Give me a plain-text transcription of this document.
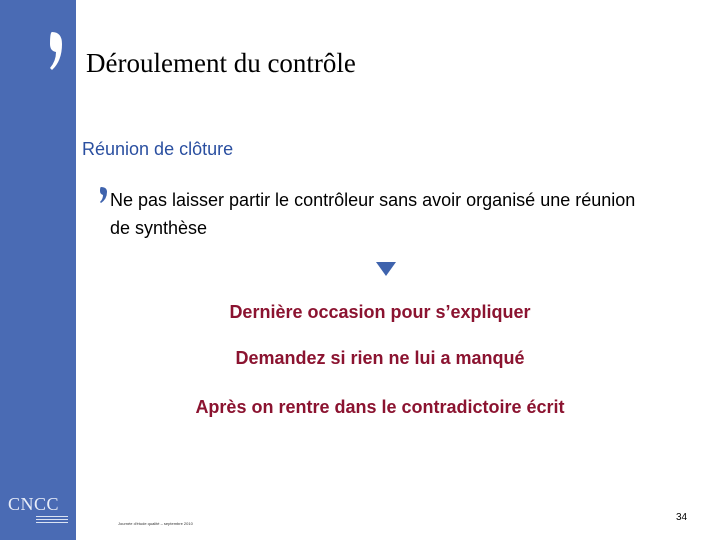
CNCC
Déroulement du contrôle
Réunion de clôture
Ne pas laisser partir le contrôleur sans avoir organisé une réunion de synthèse
Dernière occasion pour s’expliquer
Demandez si rien ne lui a manqué
Après on rentre dans le contradictoire écrit
Journée d'étude qualité – septembre 2010
34
